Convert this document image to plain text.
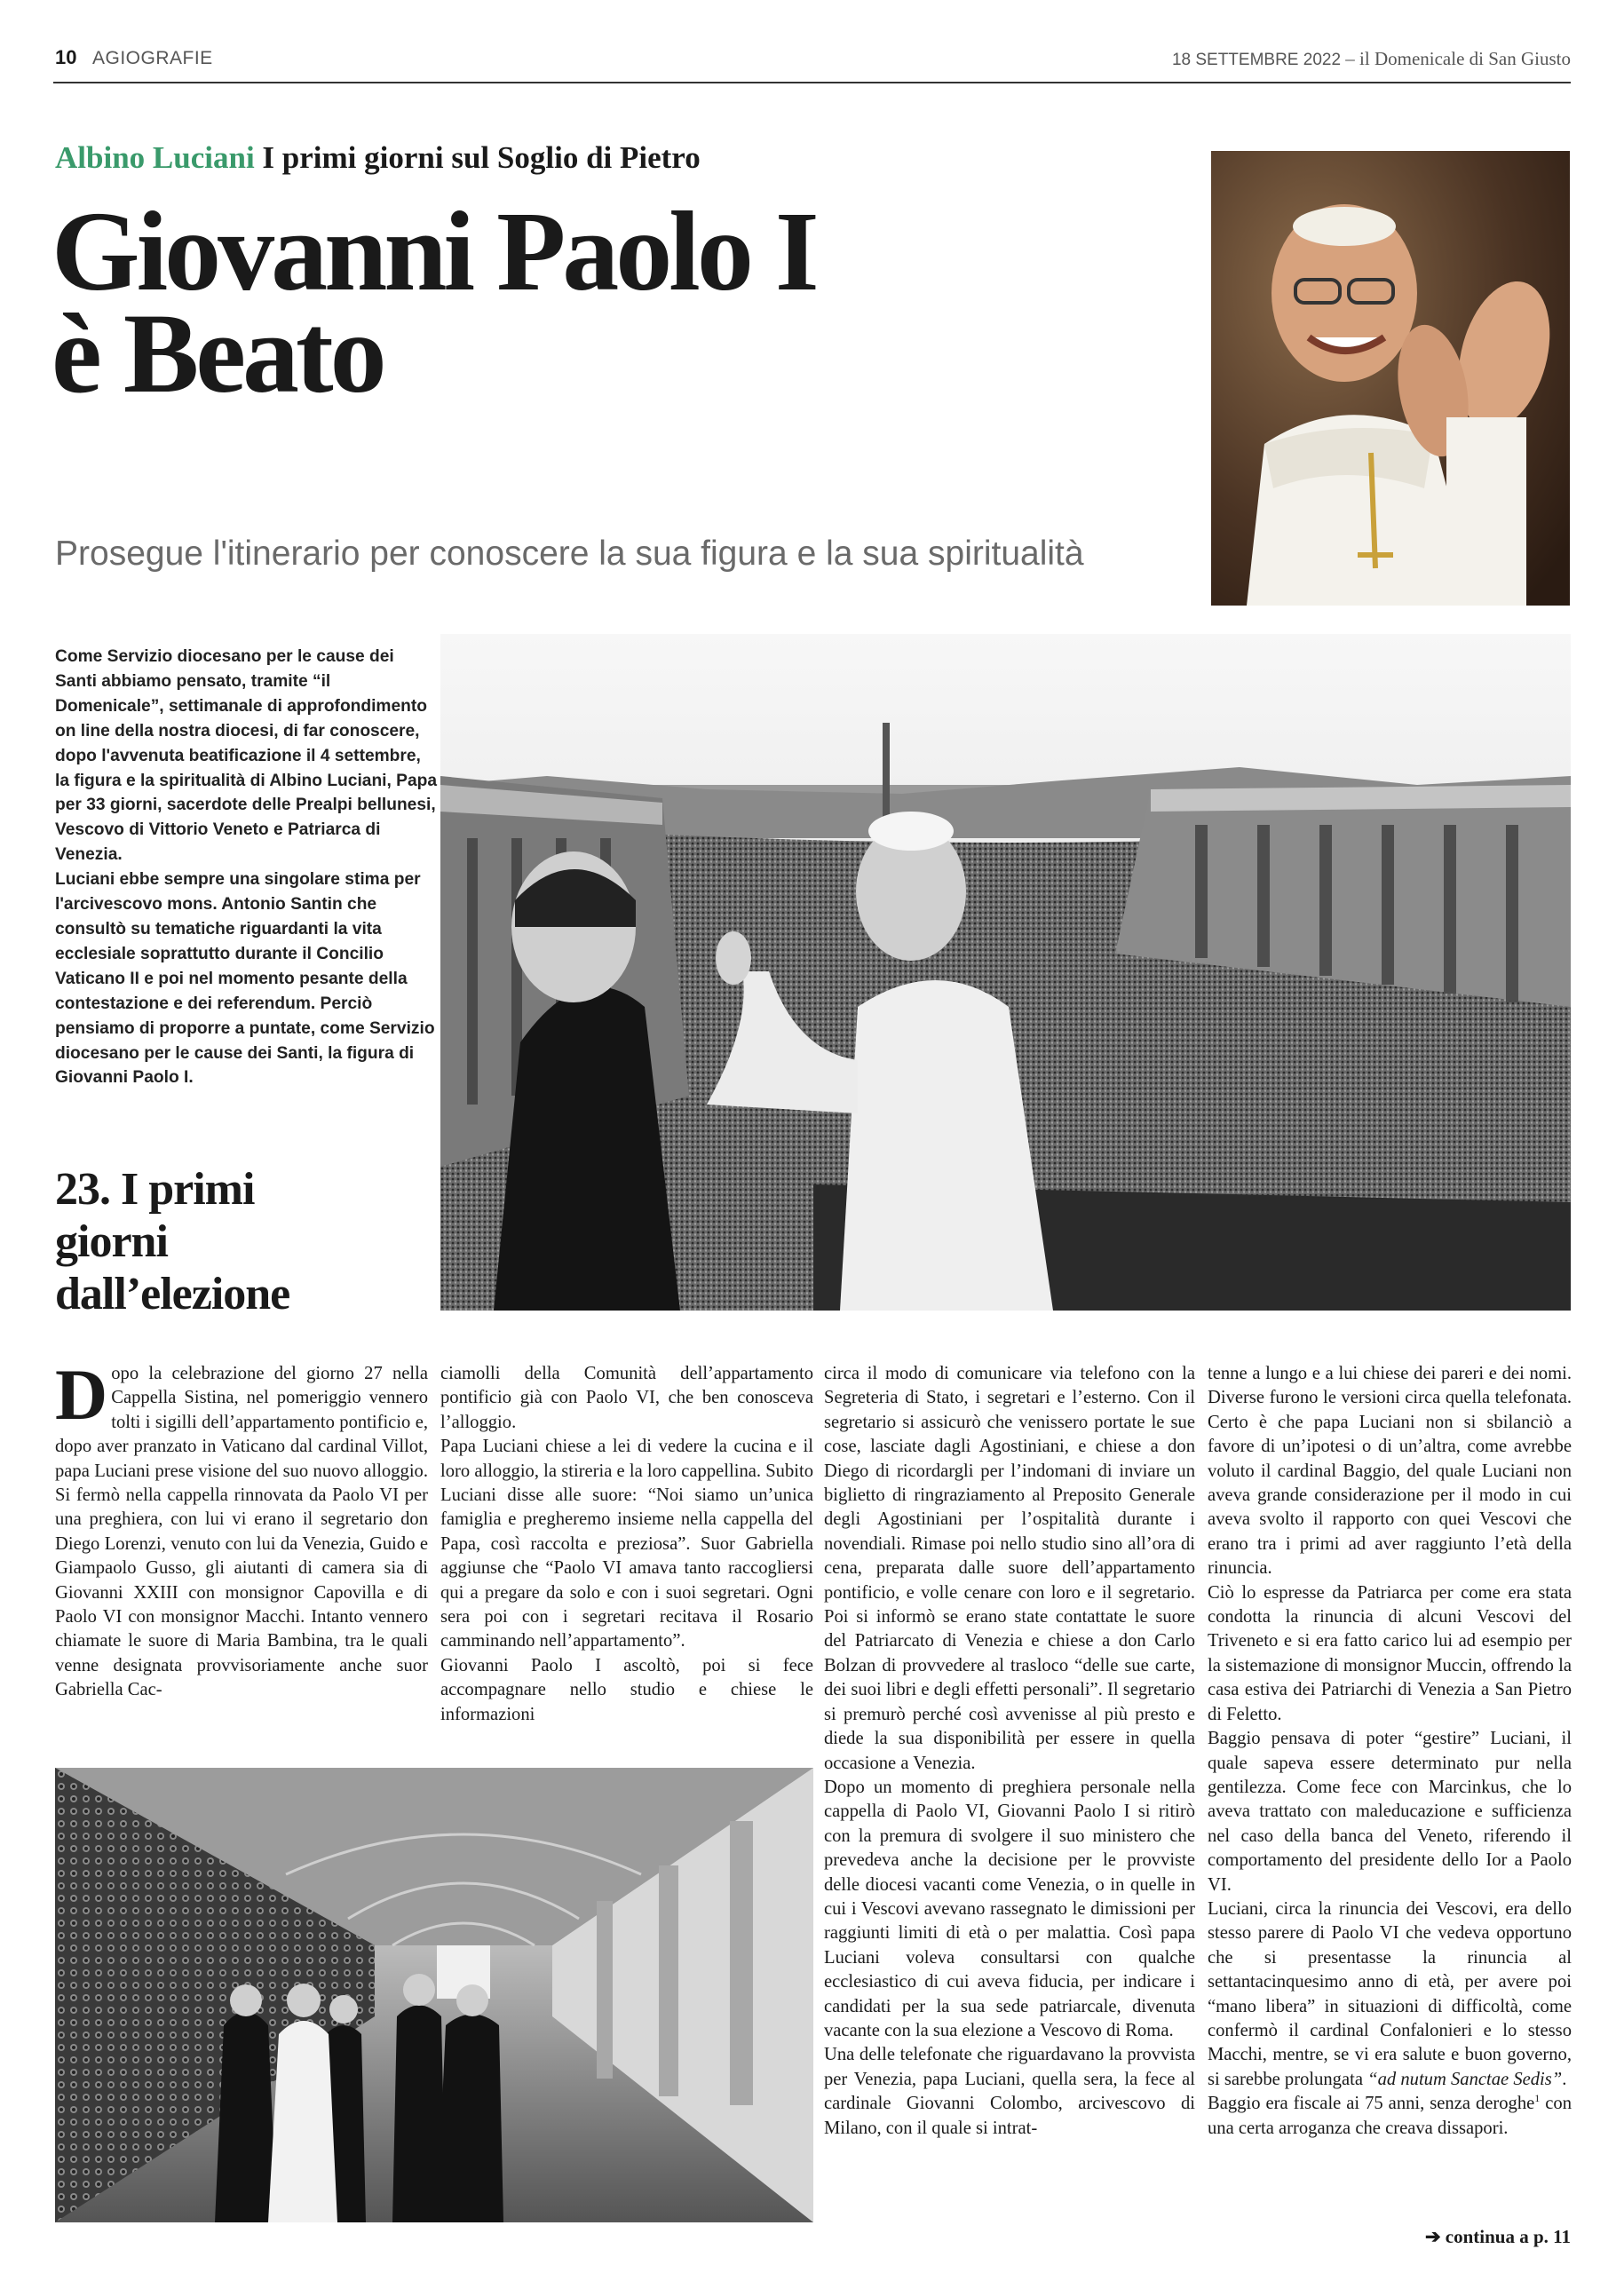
10 AGIOGRAFIE	18 SETTEMBRE 2022 – il Domenicale di San Giusto
Albino Luciani I primi giorni sul Soglio di Pietro
Giovanni Paolo I
è Beato
Prosegue l'itinerario per conoscere la sua figura e la sua spiritualità

Come Servizio diocesano per le cause dei Santi abbiamo pensato, tramite “il Domenicale”, settimanale di approfondimento on line della nostra diocesi, di far conoscere, dopo l'avvenuta beatificazione il 4 settembre, la figura e la spiritualità di Albino Luciani, Papa per 33 giorni, sacerdote delle Prealpi bellunesi, Vescovo di Vittorio Veneto e Patriarca di Venezia.

Luciani ebbe sempre una singolare stima per l'arcivescovo mons. Antonio Santin che consultò su tematiche riguardanti la vita ecclesiale soprattutto durante il Concilio Vaticano II e poi nel momento pesante della contestazione e dei referendum. Perciò pensiamo di proporre a puntate, come Servizio diocesano per le cause dei Santi, la figura di Giovanni Paolo I.

23. I primi
giorni
dall’elezione

Dopo la celebrazione del giorno 27 nella Cappella Sistina, nel pomeriggio vennero tolti i sigilli dell’appartamento pontificio e, dopo aver pranzato in Vaticano dal cardinal Villot, papa Luciani prese visione del suo nuovo alloggio. Si fermò nella cappella rinnovata da Paolo VI per una preghiera, con lui vi erano il segretario don Diego Lorenzi, venuto con lui da Venezia, Guido e Giampaolo Gusso, gli aiutanti di camera sia di Giovanni XXIII con monsignor Capovilla e di Paolo VI con monsignor Macchi. Intanto vennero chiamate le suore di Maria Bambina, tra le quali venne designata provvisoriamente anche suor Gabriella Cac-

ciamolli della Comunità dell’appartamento pontificio già con Paolo VI, che ben conosceva l’alloggio.

Papa Luciani chiese a lei di vedere la cucina e il loro alloggio, la stireria e la loro cappellina. Subito Luciani disse alle suore: “Noi siamo un’unica famiglia e pregheremo insieme nella cappella del Papa, così raccolta e preziosa”. Suor Gabriella aggiunse che “Paolo VI amava tanto raccogliersi qui a pregare da solo e con i suoi segretari. Ogni sera poi con i segretari recitava il Rosario camminando nell’appartamento”.

Giovanni Paolo I ascoltò, poi si fece accompagnare nello studio e chiese le informazioni

circa il modo di comunicare via telefono con la Segreteria di Stato, i segretari e l’esterno. Con il segretario si assicurò che venissero portate le sue cose, lasciate dagli Agostiniani, e chiese a don Diego di ricordargli per l’indomani di inviare un biglietto di ringraziamento al Preposito Generale degli Agostiniani per l’ospitalità durante i novendiali. Rimase poi nello studio sino all’ora di cena, preparata dalle suore dell’appartamento pontificio, e volle cenare con loro e il segretario. Poi si informò se erano state contattate le suore del Patriarcato di Venezia e chiese a don Carlo Bolzan di provvedere al trasloco “delle sue carte, dei suoi libri e degli effetti personali”. Il segretario si premurò perché così avvenisse al più presto e diede la sua disponibilità per essere in quella occasione a Venezia.

Dopo un momento di preghiera personale nella cappella di Paolo VI, Giovanni Paolo I si ritirò con la premura di svolgere il suo ministero che prevedeva anche la decisione per le provviste delle diocesi vacanti come Venezia, o in quelle in cui i Vescovi avevano rassegnato le dimissioni per raggiunti limiti di età o per malattia. Così papa Luciani voleva consultarsi con qualche ecclesiastico di cui aveva fiducia, per indicare i candidati per la sua sede patriarcale, divenuta vacante con la sua elezione a Vescovo di Roma.

Una delle telefonate che riguardavano la provvista per Venezia, papa Luciani, quella sera, la fece al cardinale Giovanni Colombo, arcivescovo di Milano, con il quale si intrat-

tenne a lungo e a lui chiese dei pareri e dei nomi. Diverse furono le versioni circa quella telefonata. Certo è che papa Luciani non si sbilanciò a favore di un’ipotesi o di un’altra, come avrebbe voluto il cardinal Baggio, del quale Luciani non aveva grande considerazione per il modo in cui aveva svolto il rapporto con quei Vescovi che erano tra i primi ad aver raggiunto l’età della rinuncia.

Ciò lo espresse da Patriarca per come era stata condotta la rinuncia di alcuni Vescovi del Triveneto e si era fatto carico lui ad esempio per la sistemazione di monsignor Muccin, offrendo la casa estiva dei Patriarchi di Venezia a San Pietro di Feletto.

Baggio pensava di poter “gestire” Luciani, il quale sapeva essere determinato pur nella gentilezza. Come fece con Marcinkus, che lo aveva trattato con maleducazione e sufficienza nel caso della banca del Veneto, riferendo il comportamento del presidente dello Ior a Paolo VI.

Luciani, circa la rinuncia dei Vescovi, era dello stesso parere di Paolo VI che vedeva opportuno che si presentasse la rinuncia al settantacinquesimo anno di età, per avere poi “mano libera” in situazioni di difficoltà, come confermò il cardinal Confalonieri e lo stesso Macchi, mentre, se vi era salute e buon governo, si sarebbe prolungata “ad nutum Sanctae Sedis”.

Baggio era fiscale ai 75 anni, senza deroghe$^1$ con una certa arroganza che creava dissapori.

➔ continua a p. 11
